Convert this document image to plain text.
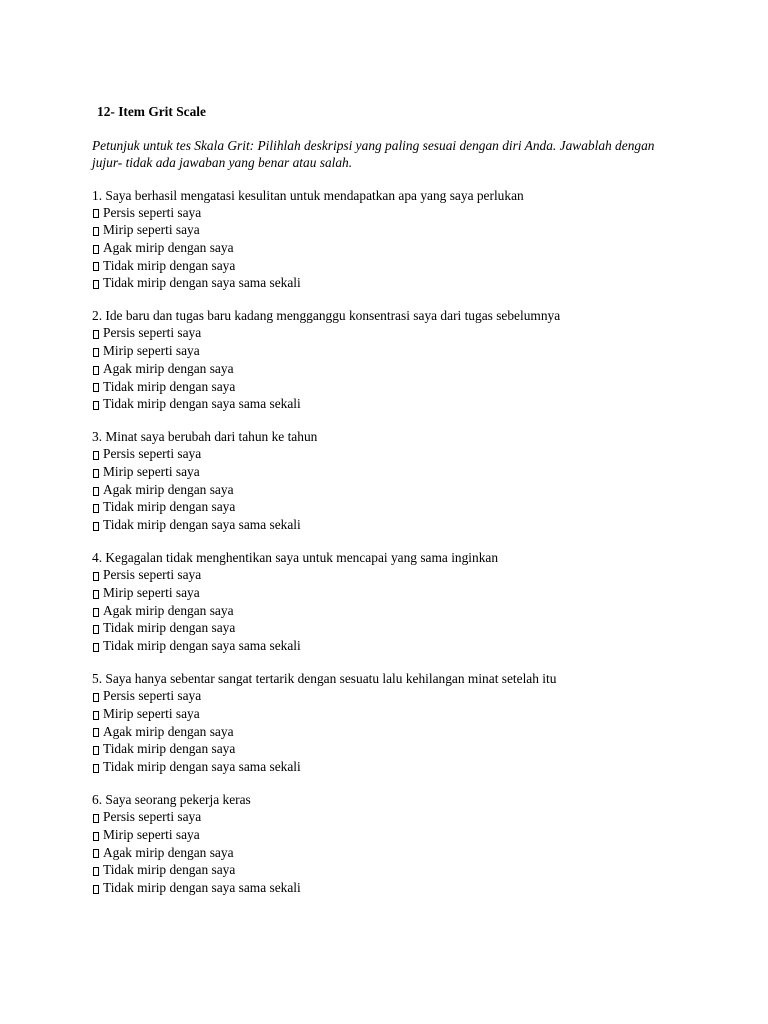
12- Item Grit Scale
Petunjuk untuk tes Skala Grit: Pilihlah deskripsi yang paling sesuai dengan diri Anda. Jawablah dengan jujur- tidak ada jawaban yang benar atau salah.
1. Saya berhasil mengatasi kesulitan untuk mendapatkan apa yang saya perlukan
Persis seperti saya
Mirip seperti saya
Agak mirip dengan saya
Tidak mirip dengan saya
Tidak mirip dengan saya sama sekali
2. Ide baru dan tugas baru kadang mengganggu konsentrasi saya dari tugas sebelumnya
Persis seperti saya
Mirip seperti saya
Agak mirip dengan saya
Tidak mirip dengan saya
Tidak mirip dengan saya sama sekali
3. Minat saya berubah dari tahun ke tahun
Persis seperti saya
Mirip seperti saya
Agak mirip dengan saya
Tidak mirip dengan saya
Tidak mirip dengan saya sama sekali
4. Kegagalan tidak menghentikan saya untuk mencapai yang sama inginkan
Persis seperti saya
Mirip seperti saya
Agak mirip dengan saya
Tidak mirip dengan saya
Tidak mirip dengan saya sama sekali
5. Saya hanya sebentar sangat tertarik dengan sesuatu lalu kehilangan minat setelah itu
Persis seperti saya
Mirip seperti saya
Agak mirip dengan saya
Tidak mirip dengan saya
Tidak mirip dengan saya sama sekali
6. Saya seorang pekerja keras
Persis seperti saya
Mirip seperti saya
Agak mirip dengan saya
Tidak mirip dengan saya
Tidak mirip dengan saya sama sekali
